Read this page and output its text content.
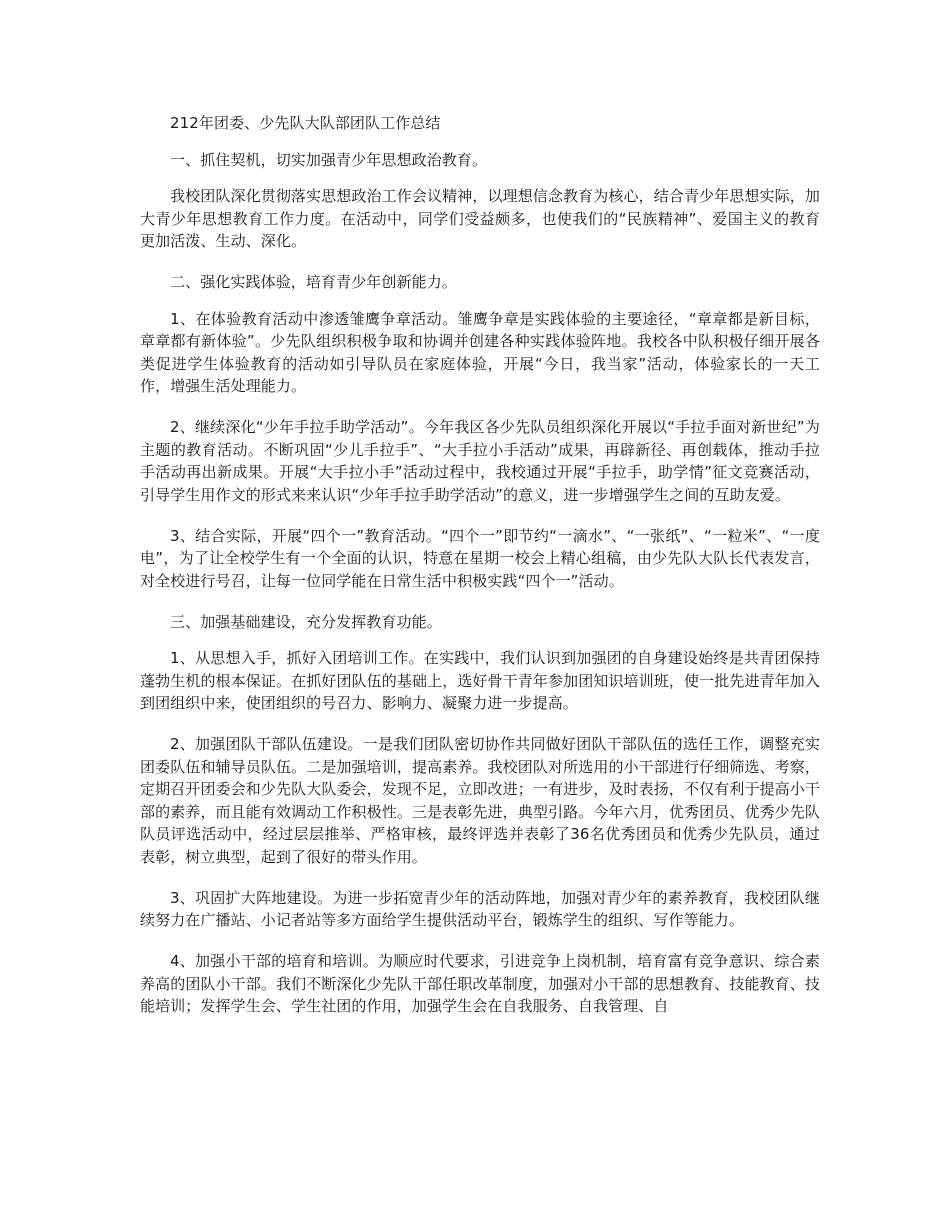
212年团委、少先队大队部团队工作总结

一、抓住契机，切实加强青少年思想政治教育。

我校团队深化贯彻落实思想政治工作会议精神，以理想信念教育为核心，结合青少年思想实际，加大青少年思想教育工作力度。在活动中，同学们受益颇多，也使我们的“民族精神”、爱国主义的教育更加活泼、生动、深化。

二、强化实践体验，培育青少年创新能力。

1、在体验教育活动中渗透雏鹰争章活动。雏鹰争章是实践体验的主要途径，“章章都是新目标，章章都有新体验”。少先队组织积极争取和协调并创建各种实践体验阵地。我校各中队积极仔细开展各类促进学生体验教育的活动如引导队员在家庭体验，开展“今日，我当家”活动，体验家长的一天工作，增强生活处理能力。

2、继续深化“少年手拉手助学活动”。今年我区各少先队员组织深化开展以“手拉手面对新世纪”为主题的教育活动。不断巩固“少儿手拉手”、“大手拉小手活动”成果，再辟新径、再创载体，推动手拉手活动再出新成果。开展“大手拉小手”活动过程中，我校通过开展“手拉手，助学情”征文竞赛活动，引导学生用作文的形式来来认识“少年手拉手助学活动”的意义，进一步增强学生之间的互助友爱。

3、结合实际，开展“四个一”教育活动。“四个一”即节约“一滴水”、“一张纸”、“一粒米”、“一度电”，为了让全校学生有一个全面的认识，特意在星期一校会上精心组稿，由少先队大队长代表发言，对全校进行号召，让每一位同学能在日常生活中积极实践“四个一”活动。

三、加强基础建设，充分发挥教育功能。

1、从思想入手，抓好入团培训工作。在实践中，我们认识到加强团的自身建设始终是共青团保持蓬勃生机的根本保证。在抓好团队伍的基础上，选好骨干青年参加团知识培训班，使一批先进青年加入到团组织中来，使团组织的号召力、影响力、凝聚力进一步提高。

2、加强团队干部队伍建设。一是我们团队密切协作共同做好团队干部队伍的选任工作，调整充实团委队伍和辅导员队伍。二是加强培训，提高素养。我校团队对所选用的小干部进行仔细筛选、考察，定期召开团委会和少先队大队委会，发现不足，立即改进；一有进步，及时表扬，不仅有利于提高小干部的素养，而且能有效调动工作积极性。三是表彰先进，典型引路。今年六月，优秀团员、优秀少先队队员评选活动中，经过层层推举、严格审核，最终评选并表彰了36名优秀团员和优秀少先队员，通过表彰，树立典型，起到了很好的带头作用。

3、巩固扩大阵地建设。为进一步拓宽青少年的活动阵地，加强对青少年的素养教育，我校团队继续努力在广播站、小记者站等多方面给学生提供活动平台，锻炼学生的组织、写作等能力。

4、加强小干部的培育和培训。为顺应时代要求，引进竞争上岗机制，培育富有竞争意识、综合素养高的团队小干部。我们不断深化少先队干部任职改革制度，加强对小干部的思想教育、技能教育、技能培训；发挥学生会、学生社团的作用，加强学生会在自我服务、自我管理、自
